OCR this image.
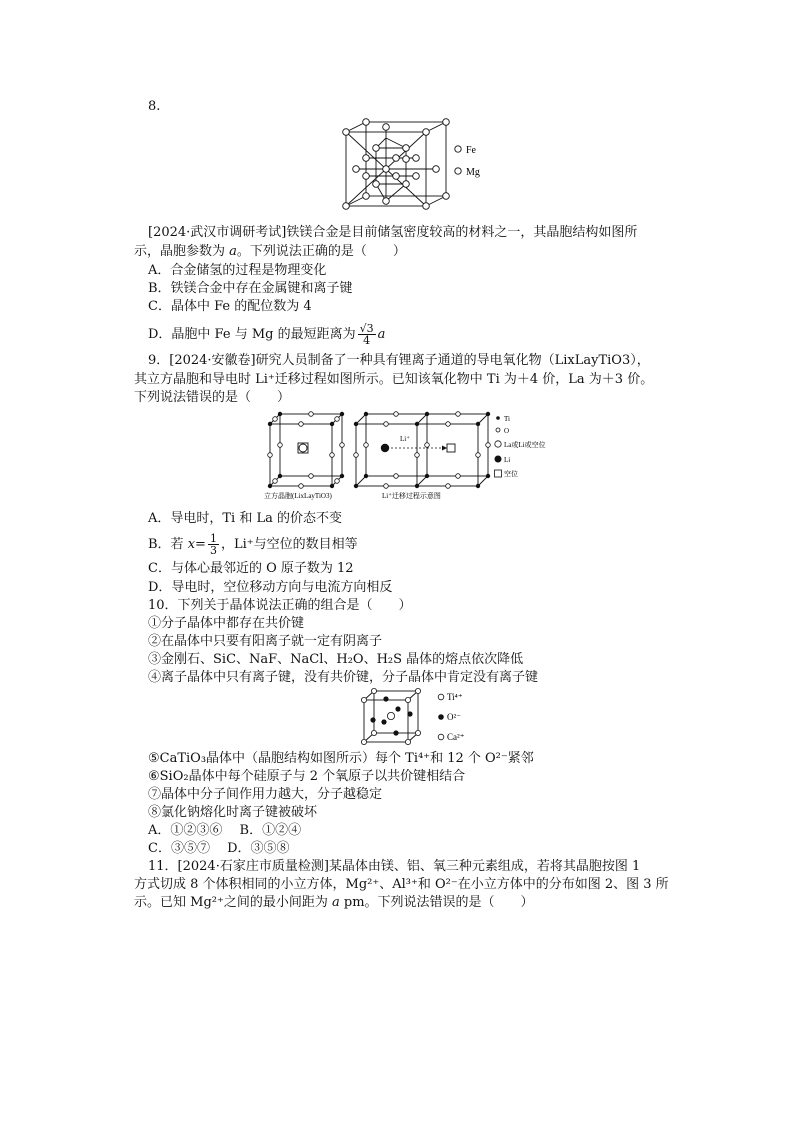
8.
Fe
Mg
[2024·武汉市调研考试]铁镁合金是目前储氢密度较高的材料之一，其晶胞结构如图所
示，晶胞参数为 a。下列说法正确的是（　　）
A．合金储氢的过程是物理变化
B．铁镁合金中存在金属键和离子键
C．晶体中 Fe 的配位数为 4
D．晶胞中 Fe 与 Mg 的最短距离为 $\frac{√3}{4}$ a
9．[2024·安徽卷]研究人员制备了一种具有锂离子通道的导电氧化物（LixLayTiO3），
其立方晶胞和导电时 Li⁺迁移过程如图所示。已知该氧化物中 Ti 为＋4 价，La 为＋3 价。
下列说法错误的是（　　）
立方晶胞(LixLayTiO3)
Li⁺
Li⁺迁移过程示意图
Ti
O
La或Li或空位
Li
空位
A．导电时，Ti 和 La 的价态不变
B．若 $x= \frac{1}{3}$ ，Li⁺与空位的数目相等
C．与体心最邻近的 O 原子数为 12
D．导电时，空位移动方向与电流方向相反
10．下列关于晶体说法正确的组合是（　　）
①分子晶体中都存在共价键
②在晶体中只要有阳离子就一定有阴离子
③金刚石、SiC、NaF、NaCl、H₂O、H₂S 晶体的熔点依次降低
④离子晶体中只有离子键，没有共价键，分子晶体中肯定没有离子键
Ti⁴⁺
O²⁻
Ca²⁺
⑤CaTiO₃晶体中（晶胞结构如图所示）每个 Ti⁴⁺和 12 个 O²⁻紧邻
⑥SiO₂晶体中每个硅原子与 2 个氧原子以共价键相结合
⑦晶体中分子间作用力越大，分子越稳定
⑧氯化钠熔化时离子键被破坏
A．①②③⑥　 B．①②④
C．③⑤⑦　 D．③⑤⑧
11．[2024·石家庄市质量检测]某晶体由镁、铝、氧三种元素组成，若将其晶胞按图 1
方式切成 8 个体积相同的小立方体，Mg²⁺、Al³⁺和 O²⁻在小立方体中的分布如图 2、图 3 所
示。已知 Mg²⁺之间的最小间距为 a pm。下列说法错误的是（　　）
